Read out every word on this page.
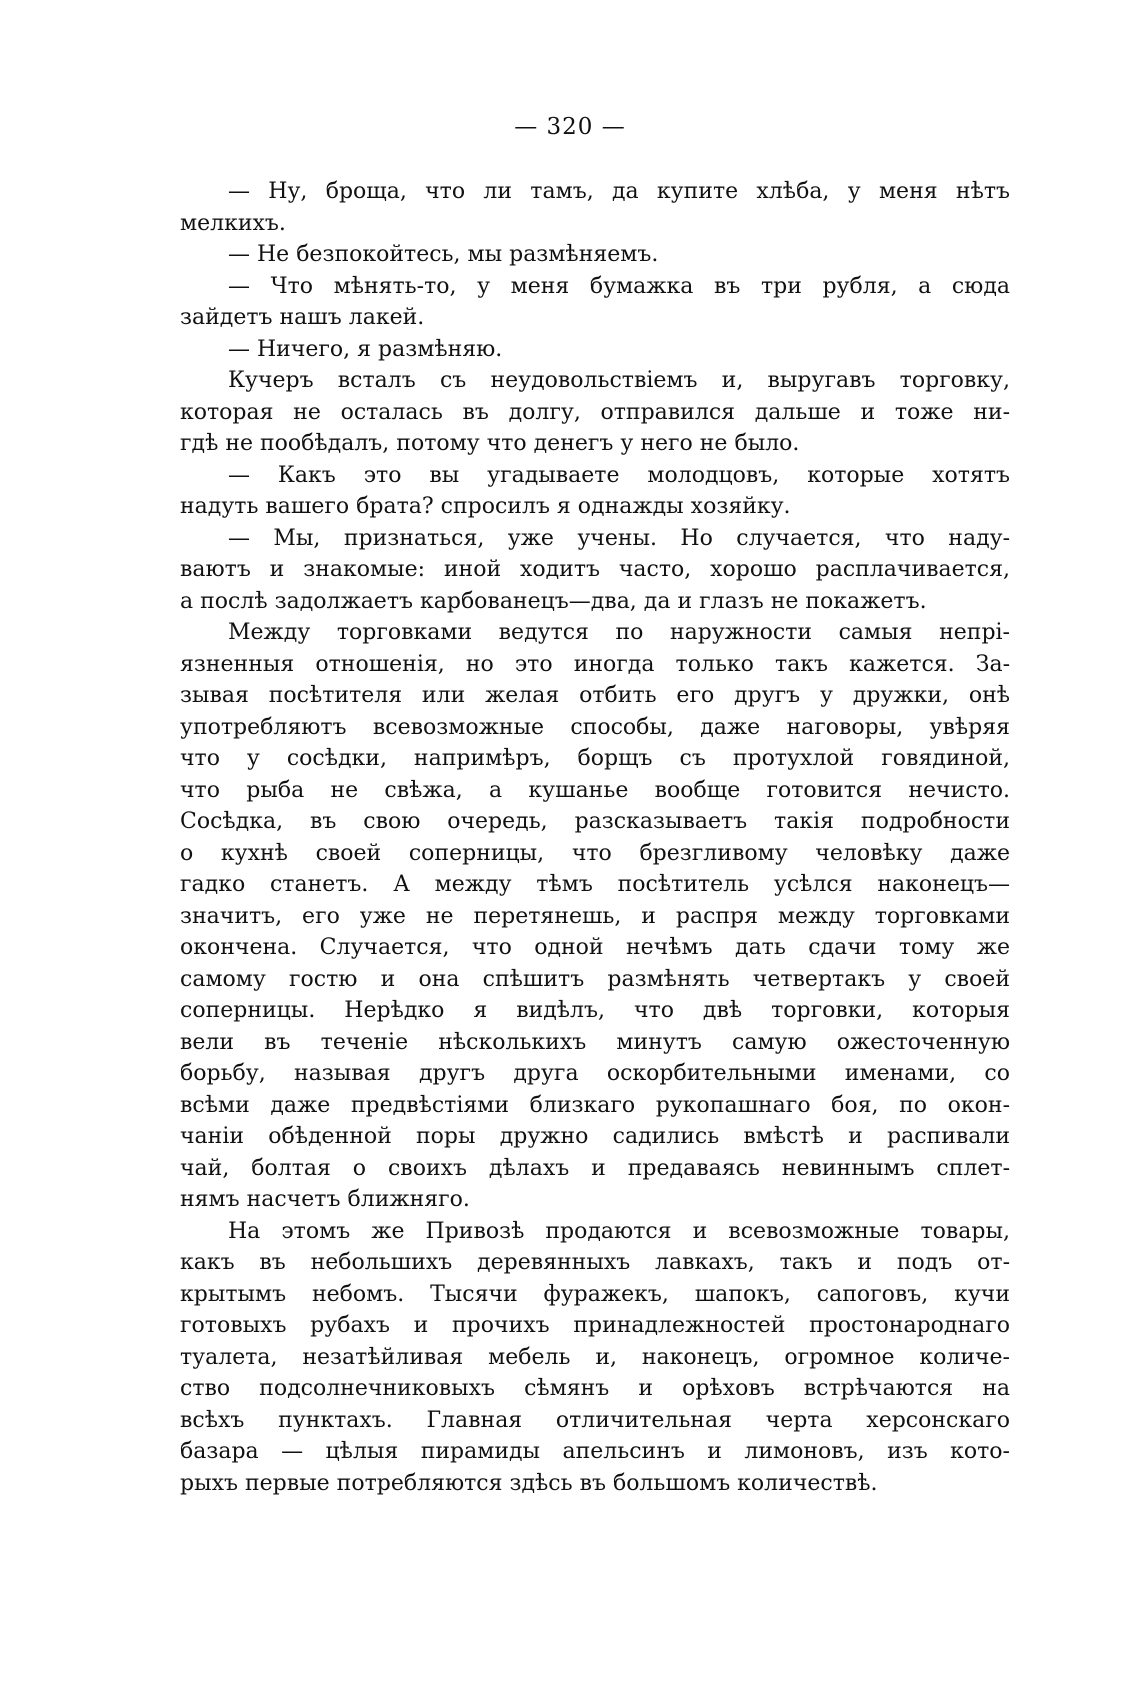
— 320 —
— Ну, броща, что ли тамъ, да купите хлѣба, у меня нѣтъ
мелкихъ.
— Не безпокойтесь, мы размѣняемъ.
— Что мѣнять-то, у меня бумажка въ три рубля, а сюда
зайдетъ нашъ лакей.
— Ничего, я размѣняю.
Кучеръ всталъ съ неудовольствіемъ и, выругавъ торговку,
которая не осталась въ долгу, отправился дальше и тоже ни-
гдѣ не пообѣдалъ, потому что денегъ у него не было.
— Какъ это вы угадываете молодцовъ, которые хотятъ
надуть вашего брата? спросилъ я однажды хозяйку.
— Мы, признаться, уже учены. Но случается, что наду-
ваютъ и знакомые: иной ходитъ часто, хорошо расплачивается,
а послѣ задолжаетъ карбованецъ—два, да и глазъ не покажетъ.
Между торговками ведутся по наружности самыя непрі-
язненныя отношенія, но это иногда только такъ кажется. За-
зывая посѣтителя или желая отбить его другъ у дружки, онѣ
употребляютъ всевозможные способы, даже наговоры, увѣряя
что у сосѣдки, напримѣръ, борщъ съ протухлой говядиной,
что рыба не свѣжа, а кушанье вообще готовится нечисто.
Сосѣдка, въ свою очередь, разсказываетъ такія подробности
о кухнѣ своей соперницы, что брезгливому человѣку даже
гадко станетъ. А между тѣмъ посѣтитель усѣлся наконецъ—
значитъ, его уже не перетянешь, и распря между торговками
окончена. Случается, что одной нечѣмъ дать сдачи тому же
самому гостю и она спѣшитъ размѣнять четвертакъ у своей
соперницы. Нерѣдко я видѣлъ, что двѣ торговки, которыя
вели въ теченіе нѣсколькихъ минутъ самую ожесточенную
борьбу, называя другъ друга оскорбительными именами, со
всѣми даже предвѣстіями близкаго рукопашнаго боя, по окон-
чаніи обѣденной поры дружно садились вмѣстѣ и распивали
чай, болтая о своихъ дѣлахъ и предаваясь невиннымъ сплет-
нямъ насчетъ ближняго.
На этомъ же Привозѣ продаются и всевозможные товары,
какъ въ небольшихъ деревянныхъ лавкахъ, такъ и подъ от-
крытымъ небомъ. Тысячи фуражекъ, шапокъ, сапоговъ, кучи
готовыхъ рубахъ и прочихъ принадлежностей простонароднаго
туалета, незатѣйливая мебель и, наконецъ, огромное количе-
ство подсолнечниковыхъ сѣмянъ и орѣховъ встрѣчаются на
всѣхъ пунктахъ. Главная отличительная черта херсонскаго
базара — цѣлыя пирамиды апельсинъ и лимоновъ, изъ кото-
рыхъ первые потребляются здѣсь въ большомъ количествѣ.
